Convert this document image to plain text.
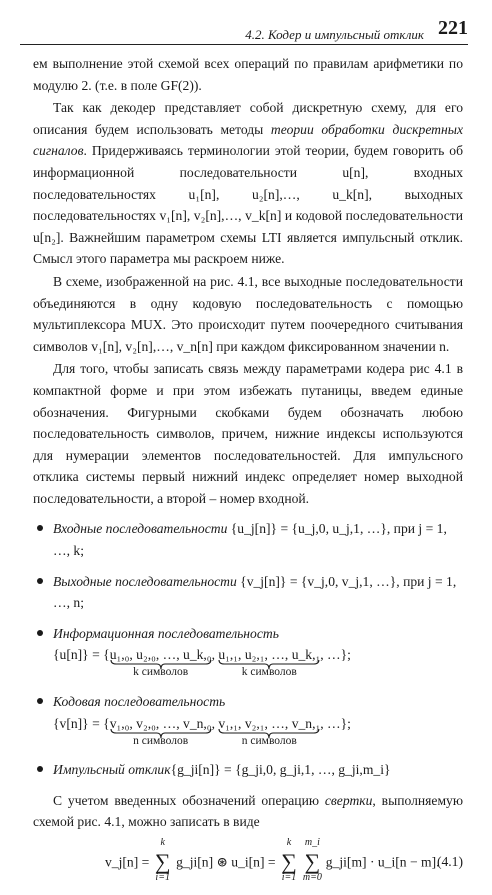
4.2. Кодер и импульсный отклик 221

ем выполнение этой схемой всех операций по правилам арифметики по модулю 2. (т.е. в поле GF(2)).

Так как декодер представляет собой дискретную схему, для его описания будем использовать методы теории обработки дискретных сигналов. Придерживаясь терминологии этой теории, будем говорить об информационной последовательности u[n], входных последовательностях u₁[n], u₂[n],…, u_k[n], выходных последовательностях v₁[n], v₂[n],…, v_k[n] и кодовой последовательности u[n₂]. Важнейшим параметром схемы LTI является импульсный отклик. Смысл этого параметра мы раскроем ниже.

В схеме, изображенной на рис. 4.1, все выходные последовательности объединяются в одну кодовую последовательность с помощью мультиплексора MUX. Это происходит путем поочередного считывания символов v₁[n], v₂[n],…, v_n[n] при каждом фиксированном значении n.

Для того, чтобы записать связь между параметрами кодера рис 4.1 в компактной форме и при этом избежать путаницы, введем единые обозначения. Фигурными скобками будем обозначать любою последовательность символов, причем, нижние индексы используются для нумерации элементов последовательностей. Для импульсного отклика системы первый нижний индекс определяет номер выходной последовательности, а второй – номер входной.

Входные последовательности {u_j[n]} = {u_j,0, u_j,1, …}, при j = 1, …, k;
Выходные последовательности {v_j[n]} = {v_j,0, v_j,1, …}, при j = 1, …, n;
Информационная последовательность
{u[n]} = {u₁,₀, u₂,₀, …, u_k,₀
k символов
, u₁,₁, u₂,₁, …, u_k,₁
k символов
, …};
Кодовая последовательность
{v[n]} = {v₁,₀, v₂,₀, …, v_n,₀
n символов
, v₁,₁, v₂,₁, …, v_n,₁
n символов
, …};
Импульсный отклик{g_ji[n]} = {g_ji,0, g_ji,1, …, g_ji,m_i}

С учетом введенных обозначений операцию свертки, выполняемую схемой рис. 4.1, можно записать в виде

v_j[n] =
k
∑
i=1
g_ji[n] ⊛ u_i[n] =
k
∑
i=1

m_i
∑
m=0
g_ji[m] · u_i[n − m].
(4.1)
